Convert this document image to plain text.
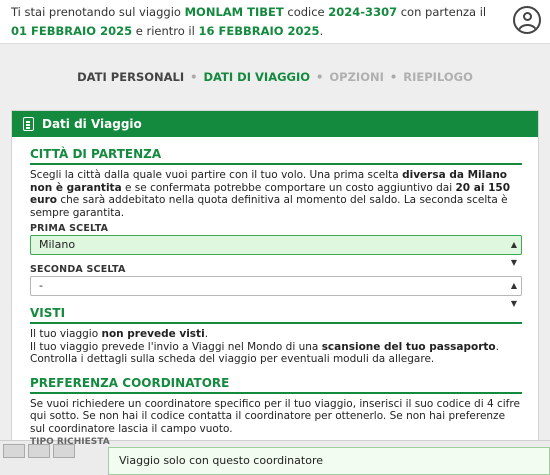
Ti stai prenotando sul viaggio MONLAM TIBET codice 2024-3307 con partenza il 01 FEBBRAIO 2025 e rientro il 16 FEBBRAIO 2025.
DATI PERSONALI • DATI DI VIAGGIO • OPZIONI • RIEPILOGO
Dati di Viaggio
CITTÀ DI PARTENZA
Scegli la città dalla quale vuoi partire con il tuo volo. Una prima scelta diversa da Milano non è garantita e se confermata potrebbe comportare un costo aggiuntivo dai 20 ai 150 euro che sarà addebitato nella quota definitiva al momento del saldo. La seconda scelta è sempre garantita.
PRIMA SCELTA
Milano	▲
▼
SECONDA SCELTA
-	▲
▼
VISTI
Il tuo viaggio non prevede visti.
Il tuo viaggio prevede l'invio a Viaggi nel Mondo di una scansione del tuo passaporto. Controlla i dettagli sulla scheda del viaggio per eventuali moduli da allegare.
PREFERENZA COORDINATORE
Se vuoi richiedere un coordinatore specifico per il tuo viaggio, inserisci il suo codice di 4 cifre qui sotto. Se non hai il codice contatta il coordinatore per ottenerlo. Se non hai preferenze sul coordinatore lascia il campo vuoto.
TIPO RICHIESTA
Viaggio solo con questo coordinatore
